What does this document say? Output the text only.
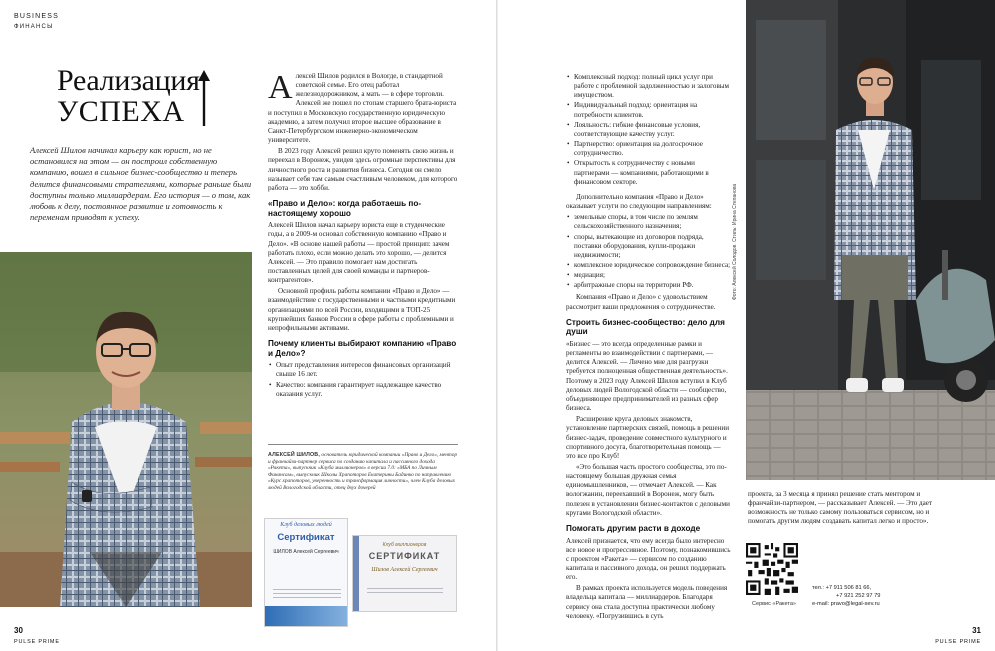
BUSINESS
ФИНАНСЫ
Реализация
УСПЕХА

Алексей Шилов начинал карьеру как юрист, но не остановился на этом — он построил собственную компанию, вошел в сильное бизнес-сообщество и теперь делится финансовыми стратегиями, которые раньше были доступны только миллиардерам. Его история — о том, как любовь к делу, постоянное развитие и готовность к переменам приводят к успеху.

Алексей Шилов родился в Вологде, в стандартной советской семье. Его отец работал железнодорожником, а мать — в сфере торговли. Алексей же пошел по стопам старшего брата-юриста и поступил в Московскую государственную юридическую академию, а затем получил второе высшее образование в Санкт-Петербургском инженерно-экономическом университете.

В 2023 году Алексей решил круто поменять свою жизнь и переехал в Воронеж, увидев здесь огромные перспективы для личностного роста и развития бизнеса. Сегодня он смело называет себя там самым счастливым человеком, для которого работа — это хобби.

«Право и Дело»: когда работаешь по-настоящему хорошо

Алексей Шилов начал карьеру юриста еще в студенческие годы, а в 2009-м основал собственную компанию «Право и Дело». «В основе нашей работы — простой принцип: зачем работать плохо, если можно делать это хорошо, — делится Алексей. — Это правило помогает нам достигать поставленных целей для своей команды и партнеров-контрагентов».

Основной профиль работы компании «Право и Дело» — взаимодействие с государственными и частными кредитными организациями по всей России, входящими в ТОП-25 крупнейших банков России в сфере работы с проблемными и непрофильными активами.

Почему клиенты выбирают компанию «Право и Дело»?
• Опыт представления интересов финансовых организаций свыше 16 лет.
• Качество: компания гарантирует надлежащее качество оказания услуг.

АЛЕКСЕЙ ШИЛОВ, основатель юридической компании «Право и Дело», ментор и франчайзи-партнер сервиса по созданию капитала и пассивного дохода «Ракета», выпускник «Клуба миллионеров» в версии 7.0: «МБА по Личным Финансам», выпускник Школы Храпоторов Екатерины Бадинко по направлению «Курс храпоторов, уверенность и трансформация личности», член Клуба деловых людей Вологодской области, отец двух дочерей

Клуб деловых людей
Сертификат
ШИЛОВ Алексей Сергеевич
Клуб миллионеров
СЕРТИФИКАТ
Шилов Алексей Сергеевич
30
PULSE PRIME
• Комплексный подход: полный цикл услуг при работе с проблемной задолженностью и залоговым имуществом.
• Индивидуальный подход: ориентация на потребности клиентов.
• Лояльность: гибкие финансовые условия, соответствующие качеству услуг.
• Партнерство: ориентация на долгосрочное сотрудничество.
• Открытость к сотрудничеству с новыми партнерами — компаниями, работающими в финансовом секторе.

Дополнительно компания «Право и Дело» оказывает услуги по следующим направлениям:

• земельные споры, в том числе по землям сельскохозяйственного назначения;
• споры, вытекающие из договоров подряда, поставки оборудования, купли-продажи недвижимости;
• комплексное юридическое сопровождение бизнеса;
• медиация;
• арбитражные споры на территории РФ.

Компания «Право и Дело» с удовольствием рассмотрит ваши предложения о сотрудничестве.

Строить бизнес-сообщество: дело для души

«Бизнес — это всегда определенные рамки и регламенты во взаимодействии с партнерами, — делится Алексей. — Личено мне для разгрузки требуется полноценная общественная деятельность». Поэтому в 2023 году Алексей Шилов вступил в Клуб деловых людей Вологодской области — сообщество, объединяющее предпринимателей из разных сфер бизнеса.

Расширение круга деловых знакомств, установление партнерских связей, помощь в решении бизнес-задач, проведение совместного культурного и спортивного досуга, благотворительная помощь — это все про Клуб!

«Это большая часть простого сообщества, это по-настоящему большая дружная семья единомышленников, — отмечает Алексей. — Как вологжанин, переехавший в Воронеж, могу быть полезен в установлении бизнес-контактов с деловыми кругами Вологодской области».

Помогать другим расти в доходе

Алексей признается, что ему всегда было интересно все новое и прогрессивное. Поэтому, познакомившись с проектом «Ракета» — сервисом по созданию капитала и пассивного дохода, он решил поддержать его.

В рамках проекта используется модель поведения владельца капитала — миллиардеров. Благодаря сервису она стала доступна практически любому человеку. «Погрузившись в суть

Фото: Алексей Солодов. Стиль: Ирина Степанова

проекта, за 3 месяца я принял решение стать ментором и франчайзи-партнером, — рассказывает Алексей. — Это дает возможность не только самому пользоваться сервисом, но и помогать другим людям создавать капитал легко и просто».

Сервис «Ракета»
тел.: +7 911 506 81 66,
+7 921 252 97 79
e-mail: pravo@legal-sev.ru
31
PULSE PRIME
